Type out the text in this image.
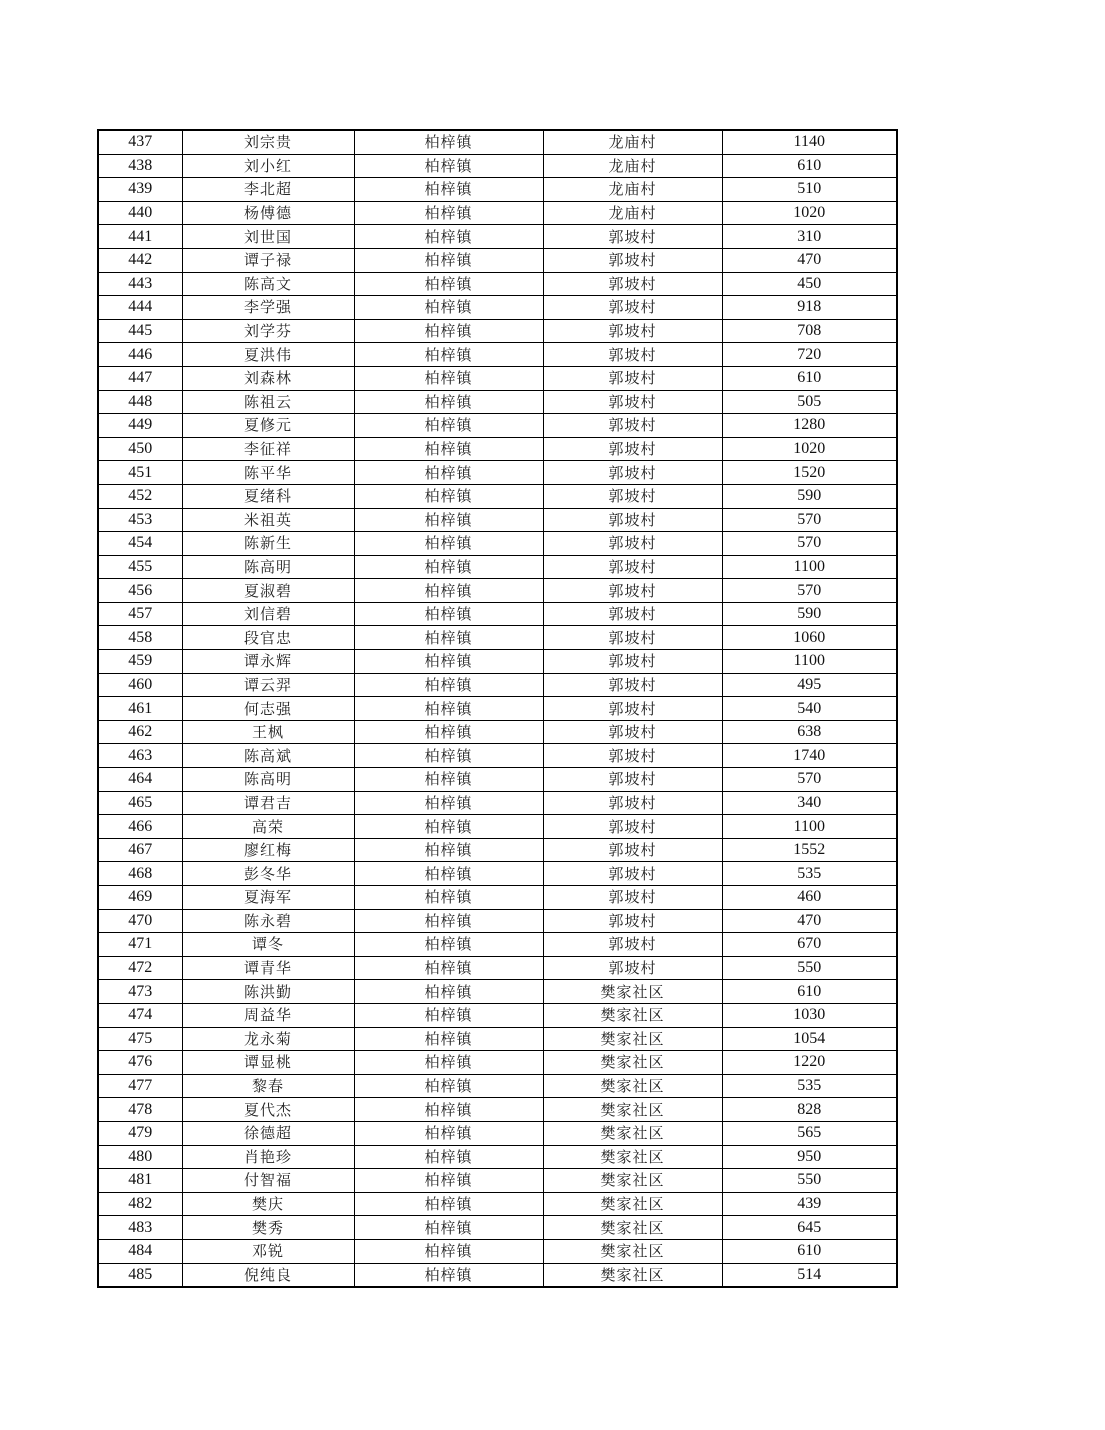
437	刘宗贵	柏梓镇	龙庙村	1140
438	刘小红	柏梓镇	龙庙村	610
439	李北超	柏梓镇	龙庙村	510
440	杨傅德	柏梓镇	龙庙村	1020
441	刘世国	柏梓镇	郭坡村	310
442	谭子禄	柏梓镇	郭坡村	470
443	陈高文	柏梓镇	郭坡村	450
444	李学强	柏梓镇	郭坡村	918
445	刘学芬	柏梓镇	郭坡村	708
446	夏洪伟	柏梓镇	郭坡村	720
447	刘森林	柏梓镇	郭坡村	610
448	陈祖云	柏梓镇	郭坡村	505
449	夏修元	柏梓镇	郭坡村	1280
450	李征祥	柏梓镇	郭坡村	1020
451	陈平华	柏梓镇	郭坡村	1520
452	夏绪科	柏梓镇	郭坡村	590
453	米祖英	柏梓镇	郭坡村	570
454	陈新生	柏梓镇	郭坡村	570
455	陈高明	柏梓镇	郭坡村	1100
456	夏淑碧	柏梓镇	郭坡村	570
457	刘信碧	柏梓镇	郭坡村	590
458	段官忠	柏梓镇	郭坡村	1060
459	谭永辉	柏梓镇	郭坡村	1100
460	谭云羿	柏梓镇	郭坡村	495
461	何志强	柏梓镇	郭坡村	540
462	王枫	柏梓镇	郭坡村	638
463	陈高斌	柏梓镇	郭坡村	1740
464	陈高明	柏梓镇	郭坡村	570
465	谭君吉	柏梓镇	郭坡村	340
466	高荣	柏梓镇	郭坡村	1100
467	廖红梅	柏梓镇	郭坡村	1552
468	彭冬华	柏梓镇	郭坡村	535
469	夏海军	柏梓镇	郭坡村	460
470	陈永碧	柏梓镇	郭坡村	470
471	谭冬	柏梓镇	郭坡村	670
472	谭青华	柏梓镇	郭坡村	550
473	陈洪勤	柏梓镇	樊家社区	610
474	周益华	柏梓镇	樊家社区	1030
475	龙永菊	柏梓镇	樊家社区	1054
476	谭显桃	柏梓镇	樊家社区	1220
477	黎春	柏梓镇	樊家社区	535
478	夏代杰	柏梓镇	樊家社区	828
479	徐德超	柏梓镇	樊家社区	565
480	肖艳珍	柏梓镇	樊家社区	950
481	付智福	柏梓镇	樊家社区	550
482	樊庆	柏梓镇	樊家社区	439
483	樊秀	柏梓镇	樊家社区	645
484	邓锐	柏梓镇	樊家社区	610
485	倪纯良	柏梓镇	樊家社区	514
